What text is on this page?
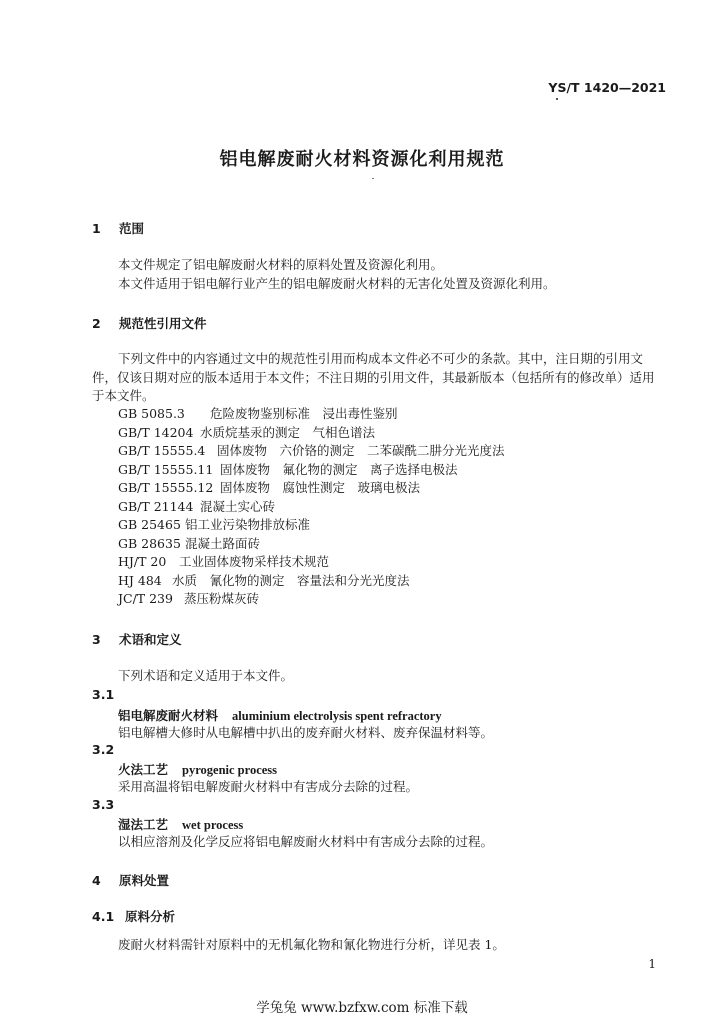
YS/T 1420—2021
铝电解废耐火材料资源化利用规范
1 范围
本文件规定了铝电解废耐火材料的原料处置及资源化利用。
本文件适用于铝电解行业产生的铝电解废耐火材料的无害化处置及资源化利用。
2 规范性引用文件
下列文件中的内容通过文中的规范性引用而构成本文件必不可少的条款。其中，注日期的引用文件，仅该日期对应的版本适用于本文件；不注日期的引用文件，其最新版本（包括所有的修改单）适用于本文件。
GB 5085.3 危险废物鉴别标准　浸出毒性鉴别
GB/T 14204 水质烷基汞的测定　气相色谱法
GB/T 15555.4 固体废物　六价铬的测定　二苯碳酰二肼分光光度法
GB/T 15555.11 固体废物　氟化物的测定　离子选择电极法
GB/T 15555.12 固体废物　腐蚀性测定　玻璃电极法
GB/T 21144 混凝土实心砖
GB 25465 铝工业污染物排放标准
GB 28635 混凝土路面砖
HJ/T 20 工业固体废物采样技术规范
HJ 484 水质　氰化物的测定　容量法和分光光度法
JC/T 239 蒸压粉煤灰砖
3 术语和定义
下列术语和定义适用于本文件。
3.1
铝电解废耐火材料 aluminium electrolysis spent refractory
铝电解槽大修时从电解槽中扒出的废弃耐火材料、废弃保温材料等。
3.2
火法工艺 pyrogenic process
采用高温将铝电解废耐火材料中有害成分去除的过程。
3.3
湿法工艺 wet process
以相应溶剂及化学反应将铝电解废耐火材料中有害成分去除的过程。
4 原料处置
4.1 原料分析
废耐火材料需针对原料中的无机氟化物和氰化物进行分析，详见表 1。
1
学兔兔 www.bzfxw.com 标准下载
